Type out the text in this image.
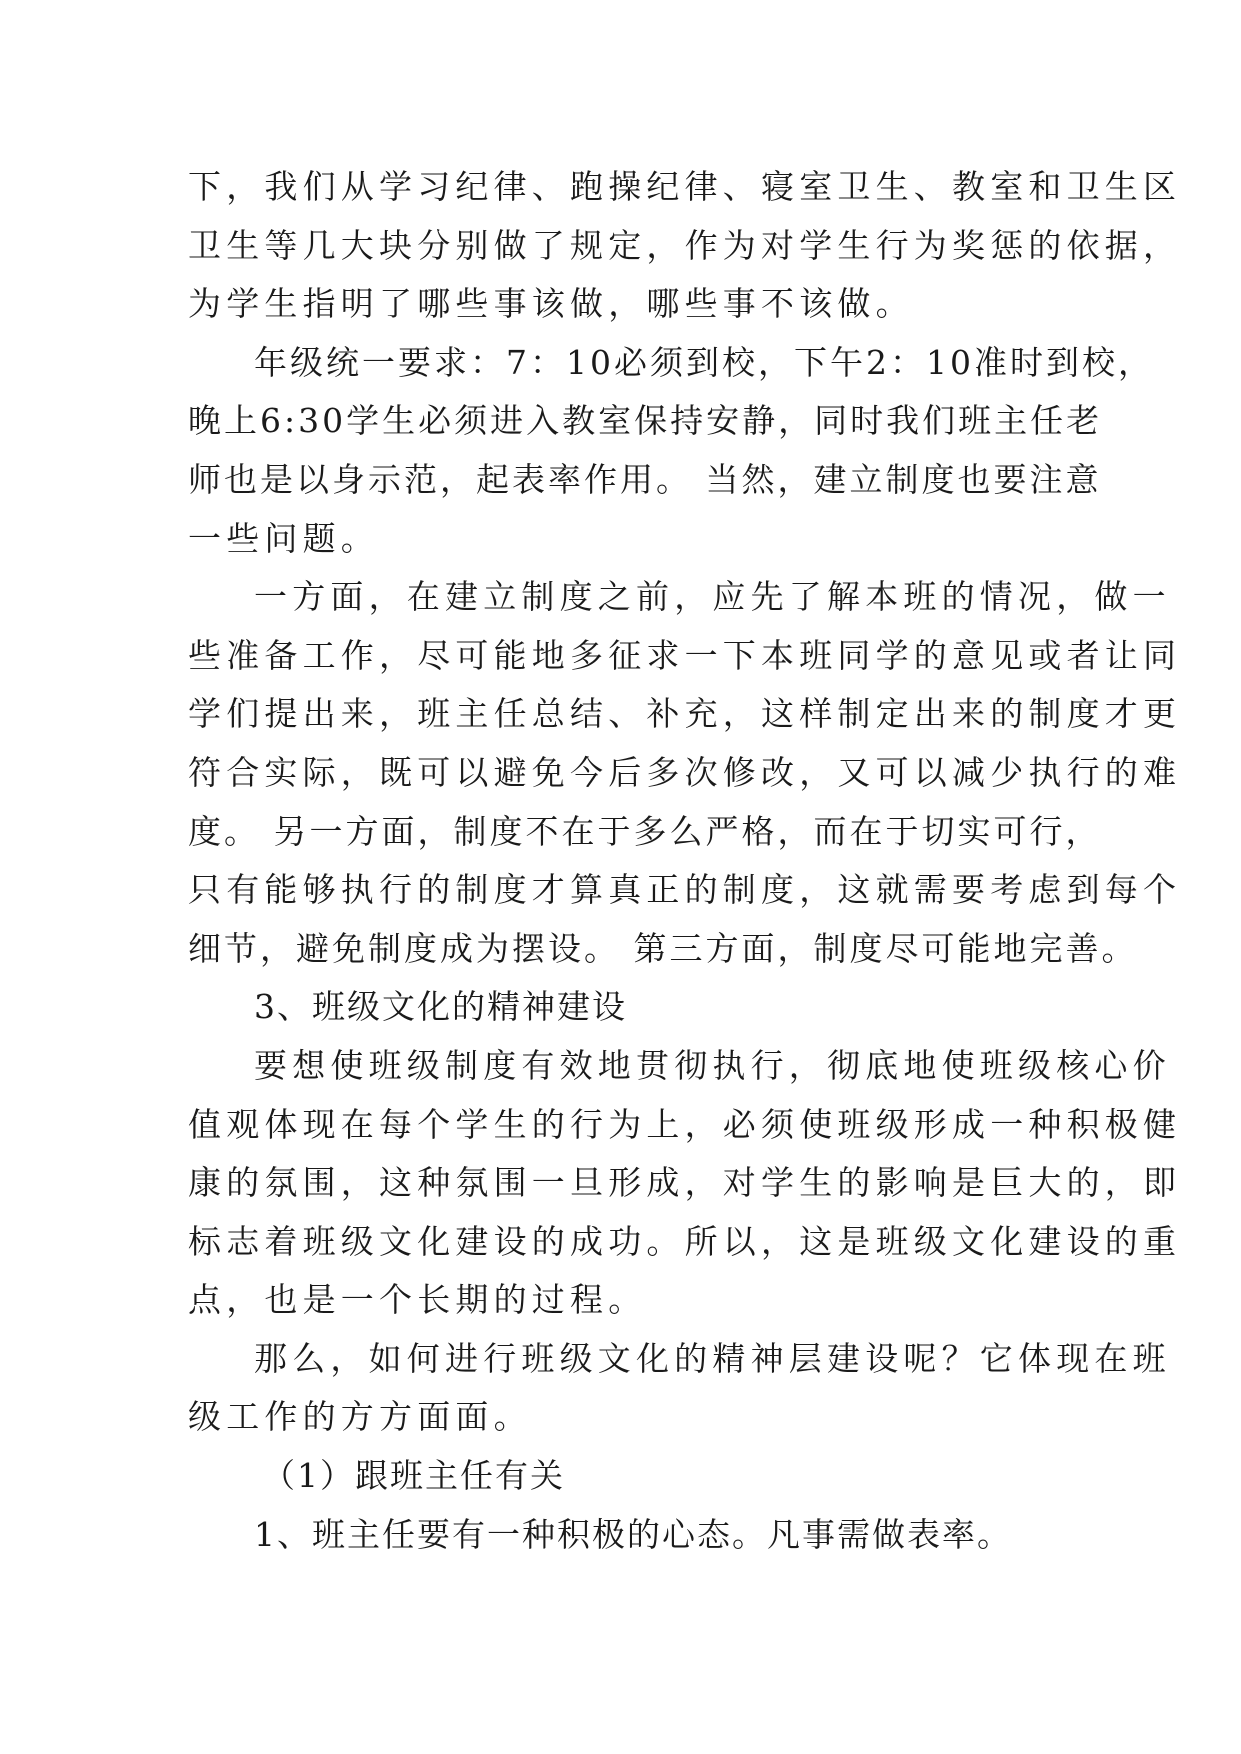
下，我们从学习纪律、跑操纪律、寝室卫生、教室和卫生区
卫生等几大块分别做了规定，作为对学生行为奖惩的依据，
为学生指明了哪些事该做，哪些事不该做。
年级统一要求：7：10必须到校，下午2：10准时到校，
晚上6:30学生必须进入教室保持安静，同时我们班主任老
师也是以身示范，起表率作用。 当然，建立制度也要注意
一些问题。
一方面，在建立制度之前，应先了解本班的情况，做一
些准备工作，尽可能地多征求一下本班同学的意见或者让同
学们提出来，班主任总结、补充，这样制定出来的制度才更
符合实际，既可以避免今后多次修改，又可以减少执行的难
度。 另一方面，制度不在于多么严格，而在于切实可行，
只有能够执行的制度才算真正的制度，这就需要考虑到每个
细节，避免制度成为摆设。 第三方面，制度尽可能地完善。
3、班级文化的精神建设
要想使班级制度有效地贯彻执行，彻底地使班级核心价
值观体现在每个学生的行为上，必须使班级形成一种积极健
康的氛围，这种氛围一旦形成，对学生的影响是巨大的，即
标志着班级文化建设的成功。所以，这是班级文化建设的重
点，也是一个长期的过程。
那么，如何进行班级文化的精神层建设呢？它体现在班
级工作的方方面面。
（1）跟班主任有关
1、班主任要有一种积极的心态。凡事需做表率。
